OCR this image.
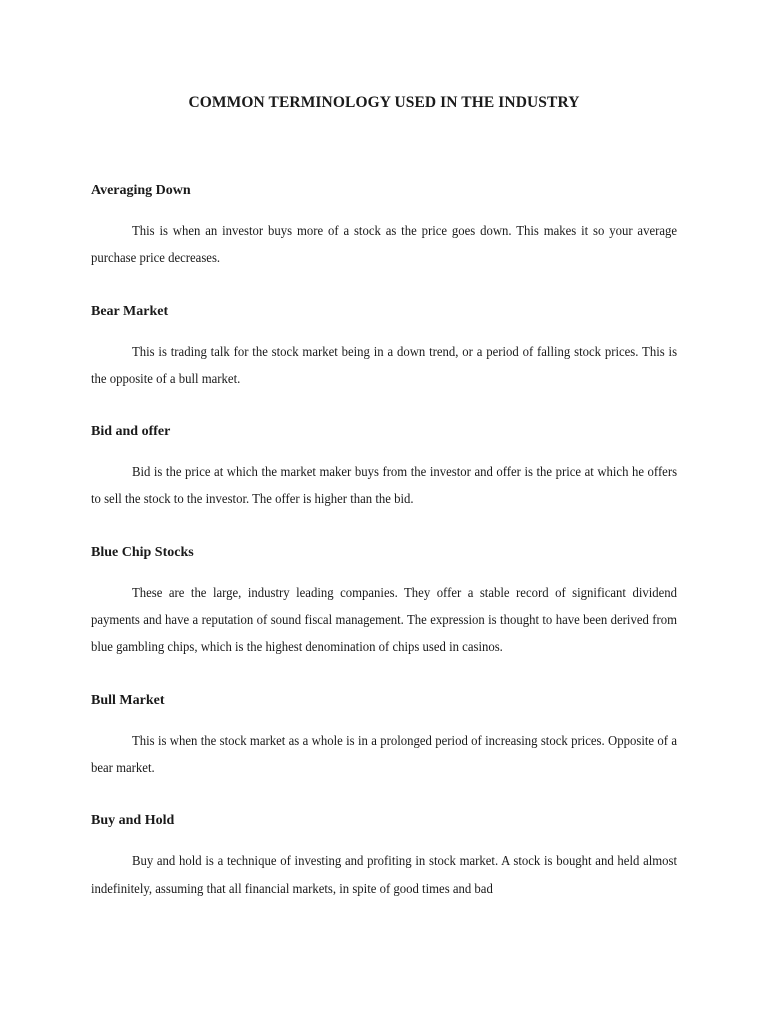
COMMON TERMINOLOGY USED IN THE INDUSTRY
Averaging Down

This is when an investor buys more of a stock as the price goes down. This makes it so your average purchase price decreases.

Bear Market

This is trading talk for the stock market being in a down trend, or a period of falling stock prices. This is the opposite of a bull market.

Bid and offer

Bid is the price at which the market maker buys from the investor and offer is the price at which he offers to sell the stock to the investor. The offer is higher than the bid.

Blue Chip Stocks

These are the large, industry leading companies. They offer a stable record of significant dividend payments and have a reputation of sound fiscal management. The expression is thought to have been derived from blue gambling chips, which is the highest denomination of chips used in casinos.

Bull Market

This is when the stock market as a whole is in a prolonged period of increasing stock prices. Opposite of a bear market.

Buy and Hold

Buy and hold is a technique of investing and profiting in stock market. A stock is bought and held almost indefinitely, assuming that all financial markets, in spite of good times and bad
